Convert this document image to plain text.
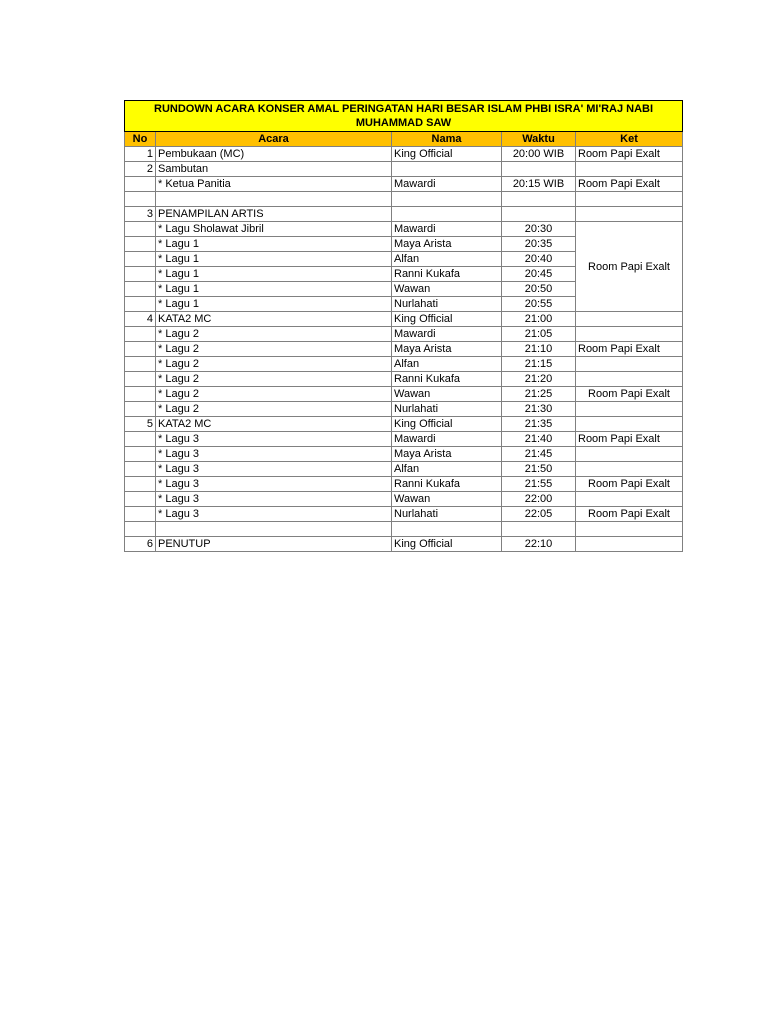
RUNDOWN ACARA KONSER AMAL PERINGATAN HARI BESAR ISLAM PHBI ISRA' MI'RAJ NABI MUHAMMAD SAW				
No	Acara	Nama	Waktu	Ket
1	Pembukaan (MC)	King Official	20:00 WIB	Room Papi Exalt
2	Sambutan			
	* Ketua Panitia	Mawardi	20:15 WIB	Room Papi Exalt

3	PENAMPILAN ARTIS			
	* Lagu Sholawat Jibril	Mawardi	20:30	Room Papi Exalt
	* Lagu 1	Maya Arista	20:35	
	* Lagu 1	Alfan	20:40	
	* Lagu 1	Ranni Kukafa	20:45	
	* Lagu 1	Wawan	20:50	
	* Lagu 1	Nurlahati	20:55	
4	KATA2 MC	King Official	21:00	
	* Lagu 2	Mawardi	21:05	
	* Lagu 2	Maya Arista	21:10	Room Papi Exalt
	* Lagu 2	Alfan	21:15	
	* Lagu 2	Ranni Kukafa	21:20	
	* Lagu 2	Wawan	21:25	Room Papi Exalt
	* Lagu 2	Nurlahati	21:30	
5	KATA2 MC	King Official	21:35	
	* Lagu 3	Mawardi	21:40	Room Papi Exalt
	* Lagu 3	Maya Arista	21:45	
	* Lagu 3	Alfan	21:50	
	* Lagu 3	Ranni Kukafa	21:55	Room Papi Exalt
	* Lagu 3	Wawan	22:00	
	* Lagu 3	Nurlahati	22:05	Room Papi Exalt

6	PENUTUP	King Official	22:10	
